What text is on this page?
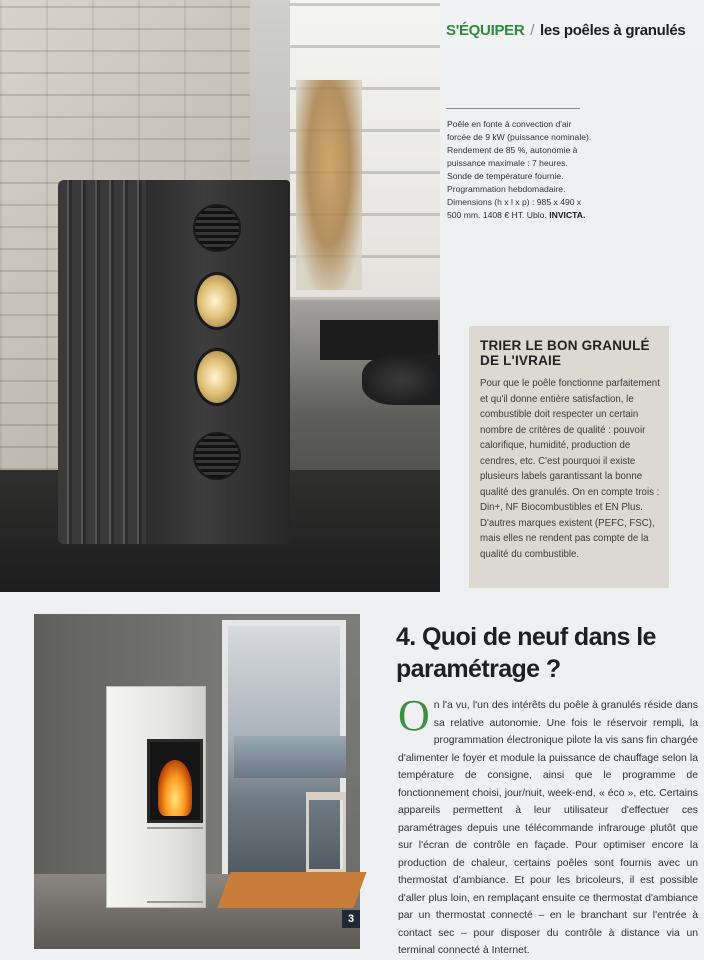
S'ÉQUIPER / les poêles à granulés
Poêle en fonte à convection d'air forcée de 9 kW (puissance nominale). Rendement de 85 %, autonomie à puissance maximale : 7 heures. Sonde de température fournie. Programmation hebdomadaire. Dimensions (h x l x p) : 985 x 490 x 500 mm. 1408 € HT. Ublo. INVICTA.
TRIER LE BON GRANULÉ DE L'IVRAIE
Pour que le poêle fonctionne parfaitement et qu'il donne entière satisfaction, le combustible doit respecter un certain nombre de critères de qualité : pouvoir calorifique, humidité, production de cendres, etc. C'est pourquoi il existe plusieurs labels garantissant la bonne qualité des granulés. On en compte trois : Din+, NF Biocombustibles et EN Plus. D'autres marques existent (PEFC, FSC), mais elles ne rendent pas compte de la qualité du combustible.
3
4. Quoi de neuf dans le paramétrage ?
On l'a vu, l'un des intérêts du poêle à granulés réside dans sa relative autonomie. Une fois le réservoir rempli, la programmation électronique pilote la vis sans fin chargée d'alimenter le foyer et module la puissance de chauffage selon la température de consigne, ainsi que le programme de fonctionnement choisi, jour/nuit, week-end, « éco », etc. Certains appareils permettent à leur utilisateur d'effectuer ces paramétrages depuis une télécommande infrarouge plutôt que sur l'écran de contrôle en façade. Pour optimiser encore la production de chaleur, certains poêles sont fournis avec un thermostat d'ambiance. Et pour les bricoleurs, il est possible d'aller plus loin, en remplaçant ensuite ce thermostat d'ambiance par un thermostat connecté – en le branchant sur l'entrée à contact sec – pour disposer du contrôle à distance via un terminal connecté à Internet.
